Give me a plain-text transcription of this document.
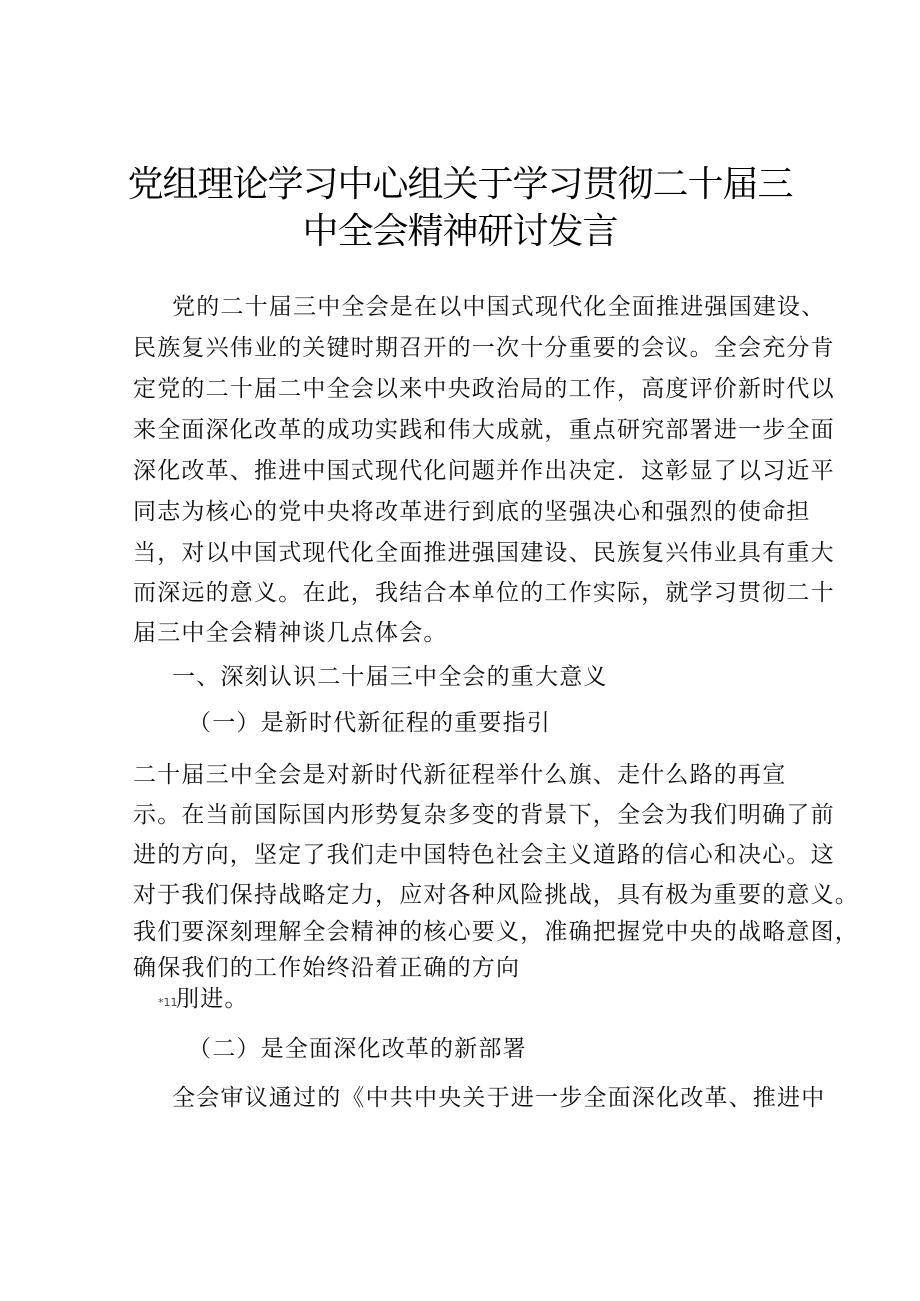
党组理论学习中心组关于学习贯彻二十届三
中全会精神研讨发言

党的二十届三中全会是在以中国式现代化全面推进强国建设、

民族复兴伟业的关键时期召开的一次十分重要的会议。全会充分肯

定党的二十届二中全会以来中央政治局的工作，高度评价新时代以

来全面深化改革的成功实践和伟大成就，重点研究部署进一步全面

深化改革、推进中国式现代化问题并作出决定．这彰显了以习近平

同志为核心的党中央将改革进行到底的坚强决心和强烈的使命担

当，对以中国式现代化全面推进强国建设、民族复兴伟业具有重大

而深远的意义。在此，我结合本单位的工作实际，就学习贯彻二十

届三中全会精神谈几点体会。

一、深刻认识二十届三中全会的重大意义

（一）是新时代新征程的重要指引

二十届三中全会是对新时代新征程举什么旗、走什么路的再宣

示。在当前国际国内形势复杂多变的背景下，全会为我们明确了前

进的方向，坚定了我们走中国特色社会主义道路的信心和决心。这

对于我们保持战略定力，应对各种风险挑战，具有极为重要的意义。

我们要深刻理解全会精神的核心要义，准确把握党中央的战略意图，

确保我们的工作始终沿着正确的方向

*11
刖进。

（二）是全面深化改革的新部署

全会审议通过的《中共中央关于进一步全面深化改革、推进中
